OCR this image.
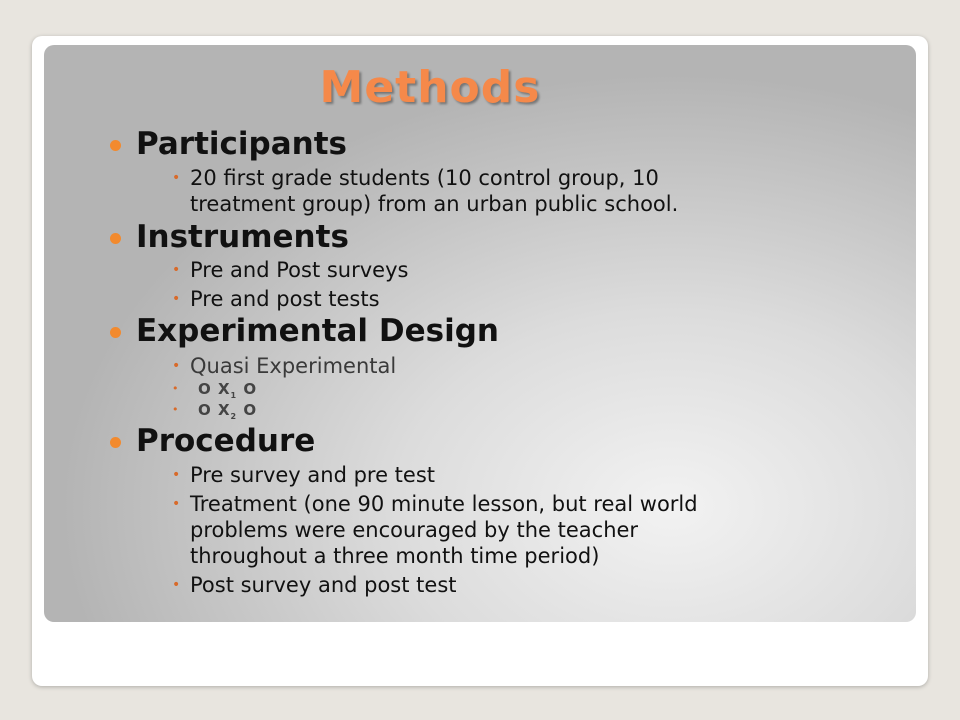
Methods
Participants
• 20 first grade students (10 control group, 10
treatment group) from an urban public school.
Instruments
• Pre and Post surveys
• Pre and post tests
Experimental Design
• Quasi Experimental
• O $X_1$ O
• O $X_2$ O
Procedure
• Pre survey and pre test
• Treatment (one 90 minute lesson, but real world
problems were encouraged by the teacher
throughout a three month time period)
• Post survey and post test
